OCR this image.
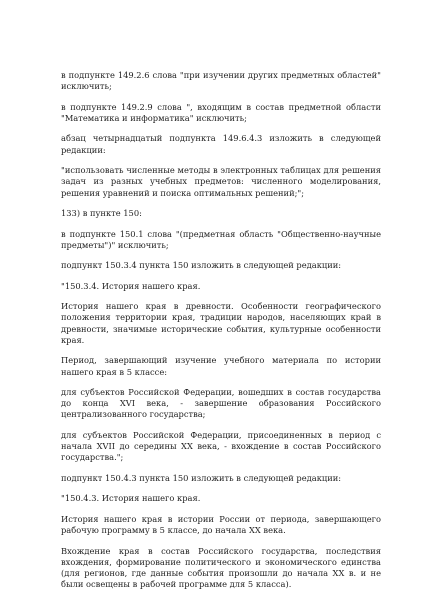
в подпункте 149.2.6 слова "при изучении других предметных областей" исключить;

в подпункте 149.2.9 слова ", входящим в состав предметной области "Математика и информатика" исключить;

абзац четырнадцатый подпункта 149.6.4.3 изложить в следующей редакции:

"использовать численные методы в электронных таблицах для решения задач из разных учебных предметов: численного моделирования, решения уравнений и поиска оптимальных решений;";

133) в пункте 150:

в подпункте 150.1 слова "(предметная область "Общественно-научные предметы")" исключить;

подпункт 150.3.4 пункта 150 изложить в следующей редакции:

"150.3.4. История нашего края.

История нашего края в древности. Особенности географического положения территории края, традиции народов, населяющих край в древности, значимые исторические события, культурные особенности края.

Период, завершающий изучение учебного материала по истории нашего края в 5 классе:

для субъектов Российской Федерации, вошедших в состав государства до конца XVI века, - завершение образования Российского централизованного государства;

для субъектов Российской Федерации, присоединенных в период с начала XVII до середины XX века, - вхождение в состав Российского государства.";

подпункт 150.4.3 пункта 150 изложить в следующей редакции:

"150.4.3. История нашего края.

История нашего края в истории России от периода, завершающего рабочую программу в 5 классе, до начала XX века.

Вхождение края в состав Российского государства, последствия вхождения, формирование политического и экономического единства (для регионов, где данные события произошли до начала XX в. и не были освещены в рабочей программе для 5 класса).
